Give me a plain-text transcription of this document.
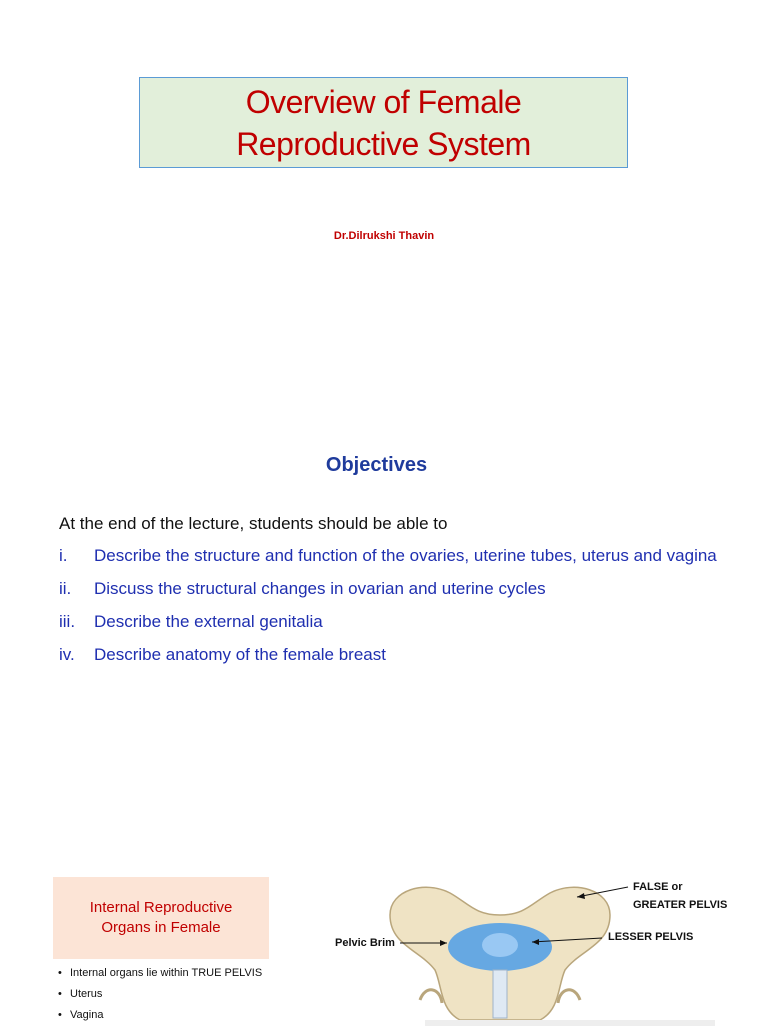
Overview of Female
Reproductive System
Dr.Dilrukshi Thavin
Objectives
At the end of the lecture, students should be able to
i.	Describe the structure and function of the ovaries, uterine tubes, uterus and vagina
ii.	Discuss the structural changes in ovarian and uterine cycles
iii.	Describe the external genitalia
iv.	Describe anatomy of the female breast
Internal Reproductive
Organs in Female
• Internal organs lie within TRUE PELVIS
• Uterus
• Vagina
FALSE or
GREATER PELVIS
LESSER PELVIS
Pelvic Brim
